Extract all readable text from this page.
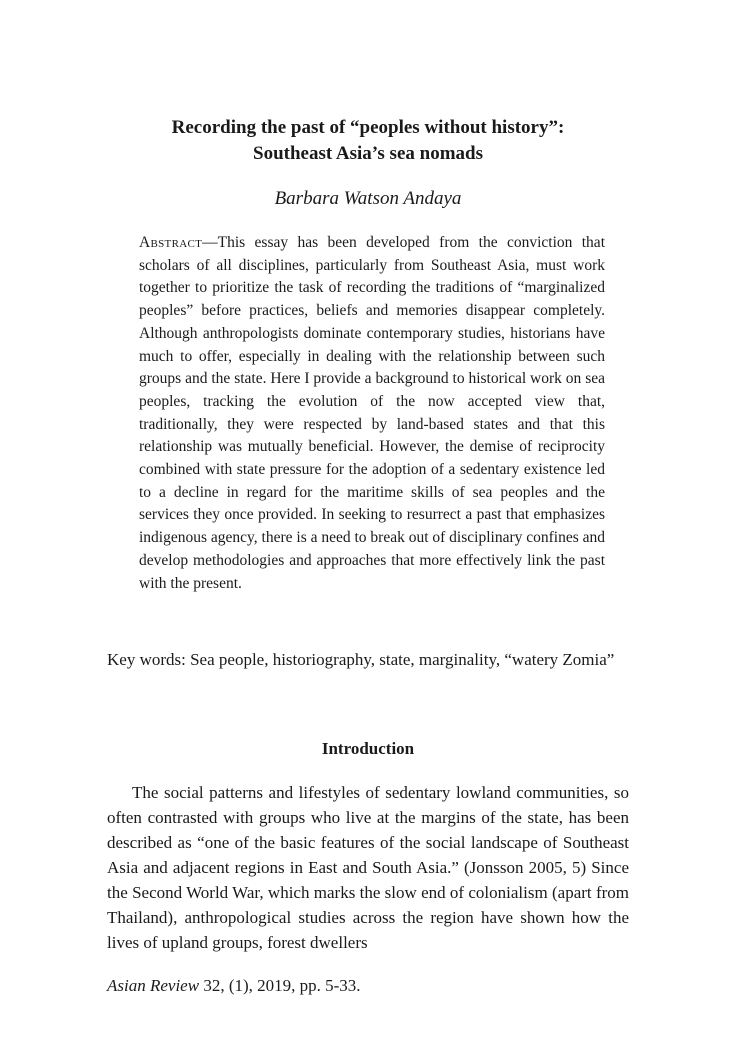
Recording the past of “peoples without history”:
Southeast Asia’s sea nomads
Barbara Watson Andaya
Abstract—This essay has been developed from the conviction that scholars of all disciplines, particularly from Southeast Asia, must work together to prioritize the task of recording the traditions of “marginalized peoples” before practices, beliefs and memories disappear completely. Although anthropologists dominate contemporary studies, historians have much to offer, especially in dealing with the relationship between such groups and the state. Here I provide a background to historical work on sea peoples, tracking the evolution of the now accepted view that, traditionally, they were respected by land-based states and that this relationship was mutually beneficial. However, the demise of reciprocity combined with state pressure for the adoption of a sedentary existence led to a decline in regard for the maritime skills of sea peoples and the services they once provided. In seeking to resurrect a past that emphasizes indigenous agency, there is a need to break out of disciplinary confines and develop methodologies and approaches that more effectively link the past with the present.
Key words: Sea people, historiography, state, marginality, “watery Zomia”
Introduction
The social patterns and lifestyles of sedentary lowland communities, so often contrasted with groups who live at the margins of the state, has been described as “one of the basic features of the social landscape of Southeast Asia and adjacent regions in East and South Asia.” (Jonsson 2005, 5) Since the Second World War, which marks the slow end of colonialism (apart from Thailand), anthropological studies across the region have shown how the lives of upland groups, forest dwellers
Asian Review 32, (1), 2019, pp. 5-33.
